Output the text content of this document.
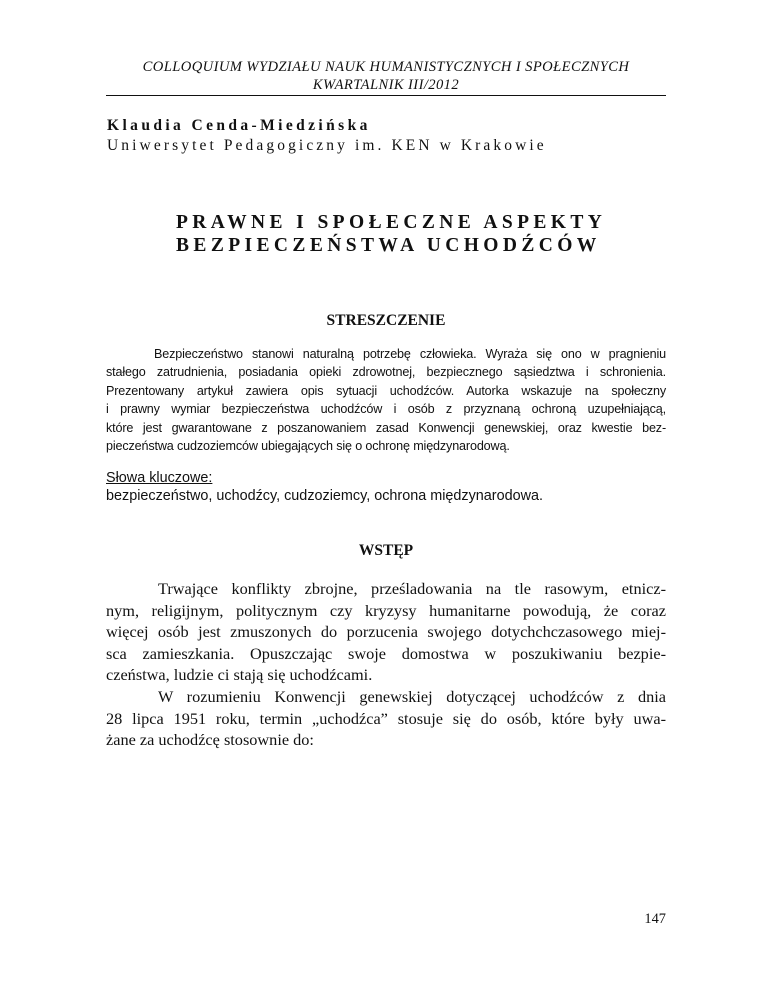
COLLOQUIUM WYDZIAŁU NAUK HUMANISTYCZNYCH I SPOŁECZNYCH
KWARTALNIK III/2012
Klaudia Cenda-Miedzińska
Uniwersytet Pedagogiczny im. KEN w Krakowie
PRAWNE I SPOŁECZNE ASPEKTY
BEZPIECZEŃSTWA UCHODŹCÓW
STRESZCZENIE
Bezpieczeństwo stanowi naturalną potrzebę człowieka. Wyraża się ono w pragnieniu
stałego zatrudnienia, posiadania opieki zdrowotnej, bezpiecznego sąsiedztwa i schronienia.
Prezentowany artykuł zawiera opis sytuacji uchodźców. Autorka wskazuje na społeczny
i prawny wymiar bezpieczeństwa uchodźców i osób z przyznaną ochroną uzupełniającą,
które jest gwarantowane z poszanowaniem zasad Konwencji genewskiej, oraz kwestie bez-
pieczeństwa cudzoziemców ubiegających się o ochronę międzynarodową.
Słowa kluczowe:
bezpieczeństwo, uchodźcy, cudzoziemcy, ochrona międzynarodowa.
WSTĘP
Trwające konflikty zbrojne, prześladowania na tle rasowym, etnicz-
nym, religijnym, politycznym czy kryzysy humanitarne powodują, że coraz
więcej osób jest zmuszonych do porzucenia swojego dotychchczasowego miej-
sca zamieszkania. Opuszczając swoje domostwa w poszukiwaniu bezpie-
czeństwa, ludzie ci stają się uchodźcami.
W rozumieniu Konwencji genewskiej dotyczącej uchodźców z dnia
28 lipca 1951 roku, termin „uchodźca” stosuje się do osób, które były uwa-
żane za uchodźcę stosownie do:
147
